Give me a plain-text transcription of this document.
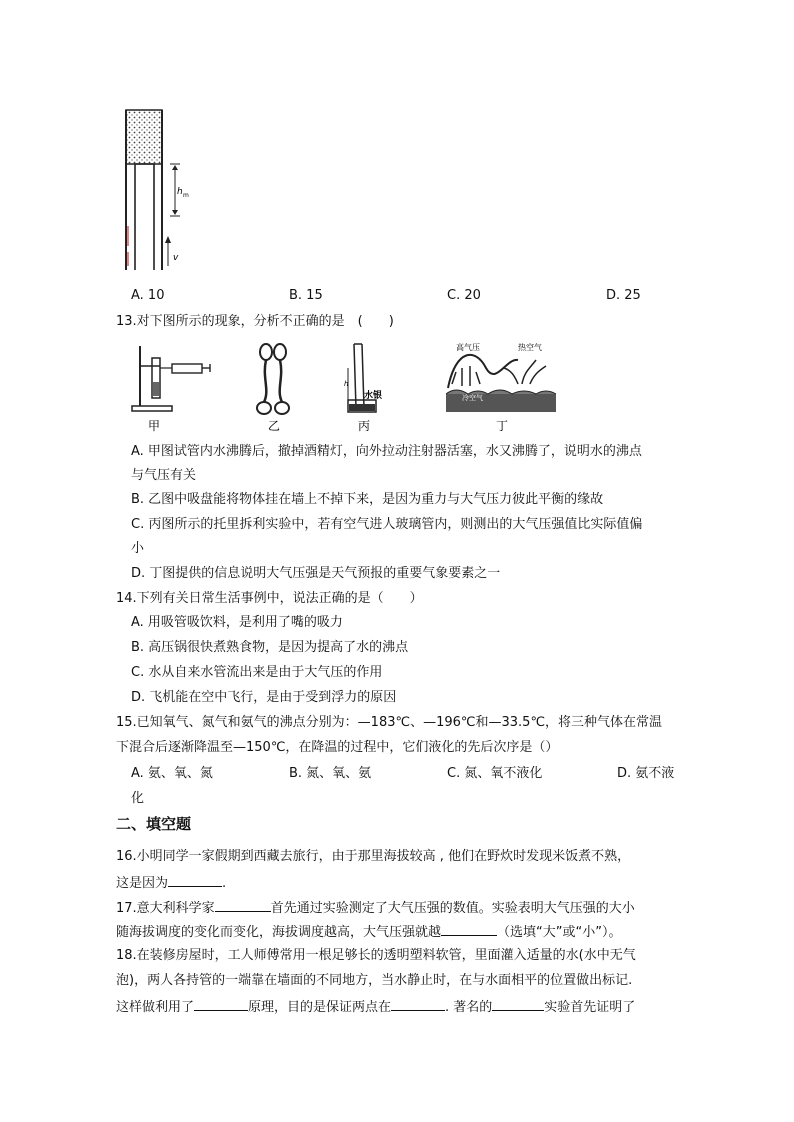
h m
v
A. 10	B. 15	C. 20	D. 25
13.对下图所示的现象，分析不正确的是　(　　)
甲	乙
h
水银
丙
高气压	热空气
冷空气
丁
A. 甲图试管内水沸腾后，撤掉酒精灯，向外拉动注射器活塞，水又沸腾了，说明水的沸点
与气压有关
B. 乙图中吸盘能将物体挂在墙上不掉下来，是因为重力与大气压力彼此平衡的缘故
C. 丙图所示的托里拆利实验中，若有空气进人玻璃管内，则测出的大气压强值比实际值偏
小
D. 丁图提供的信息说明大气压强是天气预报的重要气象要素之一
14.下列有关日常生活事例中，说法正确的是（　　）
A. 用吸管吸饮料，是利用了嘴的吸力
B. 高压锅很快煮熟食物，是因为提高了水的沸点
C. 水从自来水管流出来是由于大气压的作用
D. 飞机能在空中飞行，是由于受到浮力的原因
15.已知氧气、氮气和氨气的沸点分别为：—183℃、—196℃和—33.5℃，将三种气体在常温
下混合后逐渐降温至—150℃，在降温的过程中，它们液化的先后次序是（）
A. 氨、氧、氮	B. 氮、氧、氨	C. 氮、氧不液化	D. 氨不液
化
二、填空题
16.小明同学一家假期到西藏去旅行，由于那里海拔较高 , 他们在野炊时发现米饭煮不熟，
这是因为	.
17.意大利科学家	首先通过实验测定了大气压强的数值。实验表明大气压强的大小
随海拔调度的变化而变化，海拔调度越高，大气压强就越	（选填“大”或“小”）。
18.在装修房屋时，工人师傅常用一根足够长的透明塑料软管，里面灌入适量的水(水中无气
泡)，两人各持管的一端靠在墙面的不同地方，当水静止时，在与水面相平的位置做出标记.
这样做利用了	原理，目的是保证两点在	. 著名的	实验首先证明了
